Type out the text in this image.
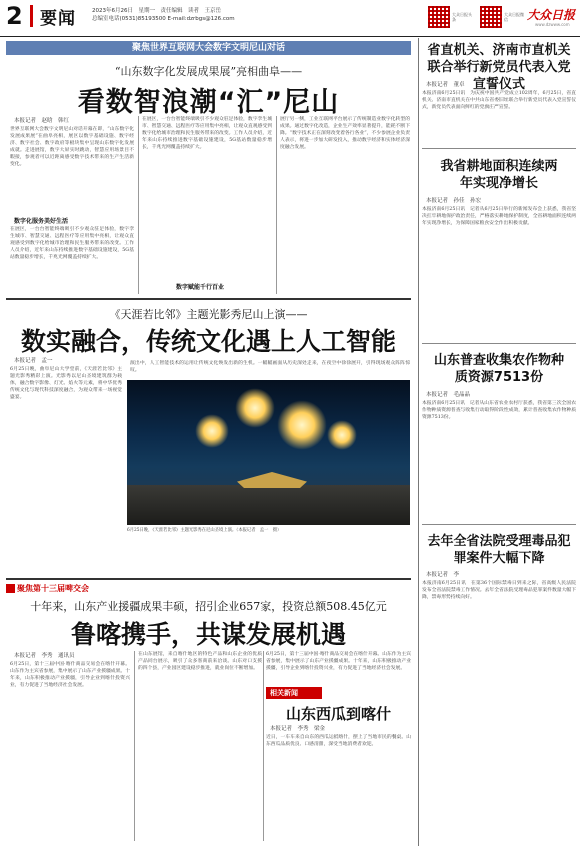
2 要闻	2023年6月26日　星期一　责任编辑　读者　王京岳
总编室电话(0531)85193500 E-mail:dzrbgs@126.com
大众日报头条
大众日报微信	大众日报
www.dzwww.com
聚焦世界互联网大会数字文明尼山对话
“山东数字化发展成果展”亮相曲阜——
看数智浪潮“汇”尼山
本报记者　赵晗　韩红
世界互联网大会数字文明尼山对话开幕在即，“山东数字化发展成果展”在曲阜亮相，展区以数字基础设施、数字经济、数字社会、数字政府等板块集中呈现山东数字化发展成就。走进展馆，数字大屏实时跳动，智慧应用场景目不暇接，参观者可以近距离感受数字技术带来的生产生活新变化。
数字化服务美好生活
在展区，一台台智能终端吸引不少观众驻足体验，数字孪生城市、智慧交通、远程医疗等应用集中亮相，让观众直观感受到数字化给城市治理和民生服务带来的改变。工作人员介绍，近年来山东持续推进数字基础设施建设，5G基站数量稳步增长，千兆光网覆盖持续扩大。
在展区，一台台智能终端吸引不少观众驻足体验，数字孪生城市、智慧交通、远程医疗等应用集中亮相，让观众直观感受到数字化给城市治理和民生服务带来的改变。工作人员介绍，近年来山东持续推进数字基础设施建设，5G基站数量稳步增长，千兆光网覆盖持续扩大。
数字赋能千行百业
展厅另一侧，工业互联网平台展示了传统制造业数字化转型的成果。通过数字化改造，企业生产效率显著提升，能耗不断下降。“数字技术正在深刻改变着各行各业”，不少参展企业负责人表示，将进一步加大研发投入，推动数字经济和实体经济深度融合发展。
《天涯若比邻》主题光影秀尼山上演——
数实融合，传统文化遇上人工智能
本报记者　孟一
6月25日晚，曲阜尼山大学堂前，《天涯若比邻》主题光影秀精彩上演。光影秀以尼山圣境建筑群为载体，融合数字影像、灯光、焰火等元素，将中华优秀传统文化与现代科技深度融合，为观众带来一场视觉盛宴。
演出中，人工智能技术的运用让传统文化焕发出新的生机。一幅幅画面从历史深处走来，在夜空中徐徐展开，引得现场观众阵阵惊叹。
6月25日晚，《天涯若比邻》主题光影秀在尼山圣境上演。（本报记者　孟一　摄）
聚焦第十三届啤交会
十年来，山东产业援疆成果丰硕，招引企业657家，投资总额508.45亿元
鲁喀携手，共谋发展机遇
本报记者　李秀　通讯员
6月25日，第十三届中国·喀什商品交易会在喀什开幕。山东作为主宾省参展，集中展示了山东产业援疆成果。十年来，山东积极推动产业援疆，引导企业到喀什投资兴业，有力促进了当地经济社会发展。
在山东展馆，来自喀什地区的特色产品和山东企业的优质产品同台展示，吸引了众多客商前来洽谈。山东对口支援的四个县，产业园区建设稳步推进，就业岗位不断增加。
6月25日，第十三届中国·喀什商品交易会在喀什开幕。山东作为主宾省参展，集中展示了山东产业援疆成果。十年来，山东积极推动产业援疆，引导企业到喀什投资兴业，有力促进了当地经济社会发展。
相关新闻
山东西瓜到喀什
本报记者　李秀　梁金
近日，一车车来自山东的西瓜运抵喀什，摆上了当地市民的餐桌。山东西瓜品质优良、口感清甜，深受当地消费者欢迎。
省直机关、济南市直机关联合举行新党员代表入党宣誓仪式
本报记者　董卓
本报济南6月25日讯　为庆祝中国共产党成立102周年，6月25日，省直机关、济南市直机关在中共山东省委旧址联合举行新党员代表入党宣誓仪式，新党员代表面向鲜红的党旗庄严宣誓。
我省耕地面积连续两年实现净增长
本报记者　孙佳　孙宏
本报济南6月25日讯　记者从6月25日举行的新闻发布会上获悉，我省坚决扛牢耕地保护政治责任，严格落实耕地保护制度，全省耕地面积连续两年实现净增长，为保障国家粮食安全作出积极贡献。
山东普查收集农作物种质资源7513份
本报记者　毛晶晶
本报济南6月25日讯　记者从山东省农业农村厅获悉，我省第三次全国农作物种质资源普查与收集行动取得阶段性成效，累计普查收集农作物种质资源7513份。
去年全省法院受理毒品犯罪案件大幅下降
本报记者　李
本报济南6月25日讯　在第36个国际禁毒日到来之际，省高级人民法院发布全省法院禁毒工作情况。去年全省法院受理毒品犯罪案件数量大幅下降，禁毒形势持续向好。
